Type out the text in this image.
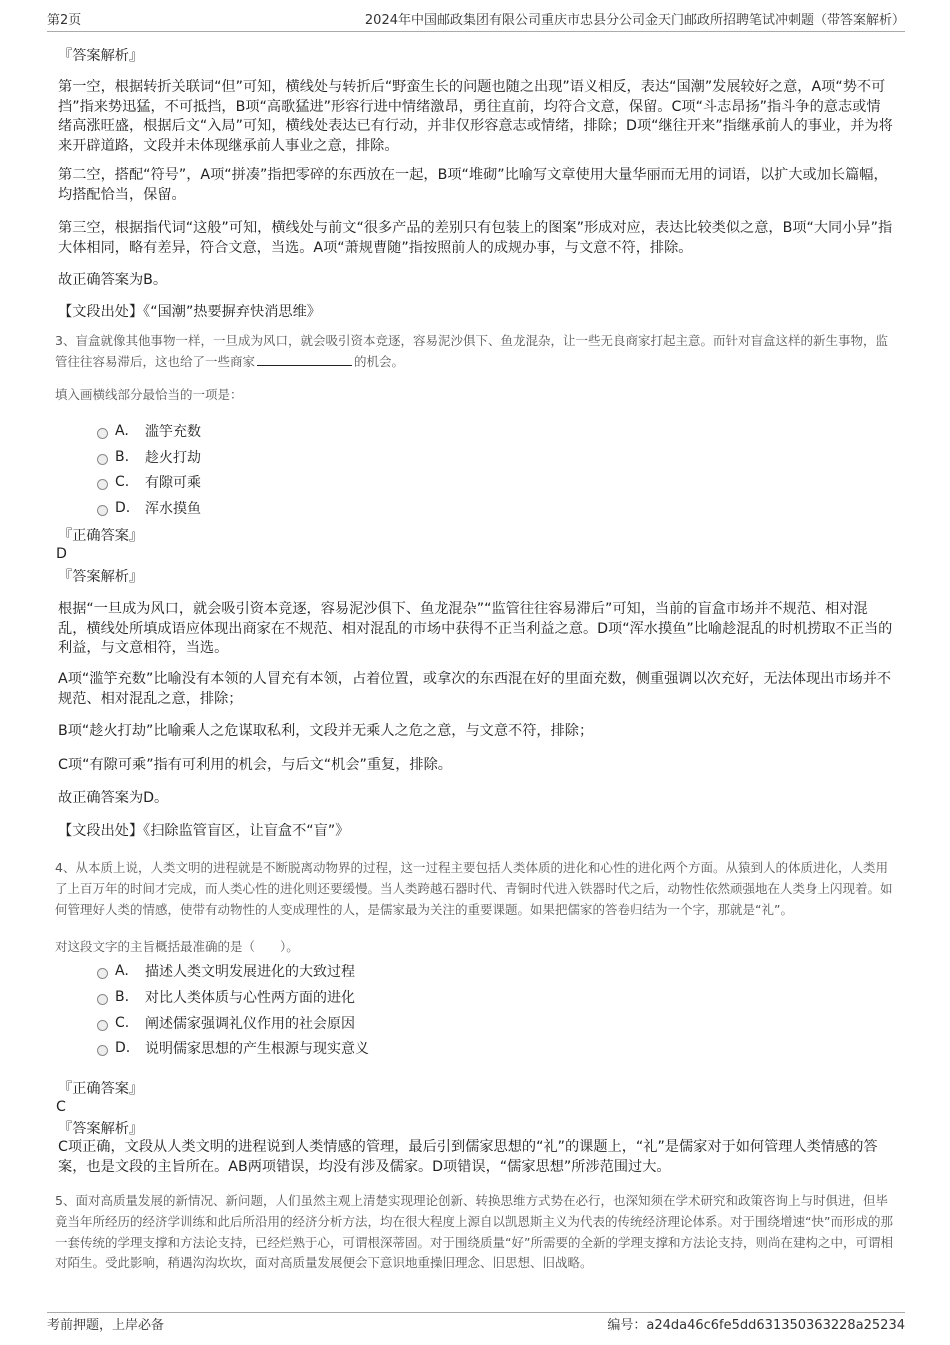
第2页	2024年中国邮政集团有限公司重庆市忠县分公司金天门邮政所招聘笔试冲刺题（带答案解析）
『答案解析』
第一空，根据转折关联词“但”可知，横线处与转折后“野蛮生长的问题也随之出现”语义相反，表达“国潮”发展较好之意，A项“势不可挡”指来势迅猛，不可抵挡，B项“高歌猛进”形容行进中情绪激昂，勇往直前，均符合文意，保留。C项“斗志昂扬”指斗争的意志或情绪高涨旺盛，根据后文“入局”可知，横线处表达已有行动，并非仅形容意志或情绪，排除；D项“继往开来”指继承前人的事业，并为将来开辟道路，文段并未体现继承前人事业之意，排除。
第二空，搭配“符号”，A项“拼凑”指把零碎的东西放在一起，B项“堆砌”比喻写文章使用大量华丽而无用的词语，以扩大或加长篇幅，均搭配恰当，保留。
第三空，根据指代词“这般”可知，横线处与前文“很多产品的差别只有包装上的图案”形成对应，表达比较类似之意，B项“大同小异”指大体相同，略有差异，符合文意，当选。A项“萧规曹随”指按照前人的成规办事，与文意不符，排除。
故正确答案为B。
【文段出处】《“国潮”热要摒弃快消思维》
3、盲盒就像其他事物一样，一旦成为风口，就会吸引资本竞逐，容易泥沙俱下、鱼龙混杂，让一些无良商家打起主意。而针对盲盒这样的新生事物，监管往往容易滞后，这也给了一些商家	的机会。
填入画横线部分最恰当的一项是：
A.	滥竽充数
B.	趁火打劫
C.	有隙可乘
D.	浑水摸鱼
『正确答案』
D
『答案解析』
根据“一旦成为风口，就会吸引资本竞逐，容易泥沙俱下、鱼龙混杂”“监管往往容易滞后”可知，当前的盲盒市场并不规范、相对混乱，横线处所填成语应体现出商家在不规范、相对混乱的市场中获得不正当利益之意。D项“浑水摸鱼”比喻趁混乱的时机捞取不正当的利益，与文意相符，当选。
A项“滥竽充数”比喻没有本领的人冒充有本领，占着位置，或拿次的东西混在好的里面充数，侧重强调以次充好，无法体现出市场并不规范、相对混乱之意，排除；
B项“趁火打劫”比喻乘人之危谋取私利，文段并无乘人之危之意，与文意不符，排除；
C项“有隙可乘”指有可利用的机会，与后文“机会”重复，排除。
故正确答案为D。
【文段出处】《扫除监管盲区，让盲盒不“盲”》
4、从本质上说，人类文明的进程就是不断脱离动物界的过程，这一过程主要包括人类体质的进化和心性的进化两个方面。从猿到人的体质进化，人类用了上百万年的时间才完成，而人类心性的进化则还要缓慢。当人类跨越石器时代、青铜时代进入铁器时代之后，动物性依然顽强地在人类身上闪现着。如何管理好人类的情感，使带有动物性的人变成理性的人，是儒家最为关注的重要课题。如果把儒家的答卷归结为一个字，那就是“礼”。
对这段文字的主旨概括最准确的是（　　）。
A.	描述人类文明发展进化的大致过程
B.	对比人类体质与心性两方面的进化
C.	阐述儒家强调礼仪作用的社会原因
D.	说明儒家思想的产生根源与现实意义
『正确答案』
C
『答案解析』
C项正确，文段从人类文明的进程说到人类情感的管理，最后引到儒家思想的“礼”的课题上，“礼”是儒家对于如何管理人类情感的答案，也是文段的主旨所在。AB两项错误，均没有涉及儒家。D项错误，“儒家思想”所涉范围过大。
5、面对高质量发展的新情况、新问题，人们虽然主观上清楚实现理论创新、转换思维方式势在必行，也深知须在学术研究和政策咨询上与时俱进，但毕竟当年所经历的经济学训练和此后所沿用的经济分析方法，均在很大程度上源自以凯恩斯主义为代表的传统经济理论体系。对于围绕增速“快”而形成的那一套传统的学理支撑和方法论支持，已经烂熟于心，可谓根深蒂固。对于围绕质量“好”所需要的全新的学理支撑和方法论支持，则尚在建构之中，可谓相对陌生。受此影响，稍遇沟沟坎坎，面对高质量发展便会下意识地重操旧理念、旧思想、旧战略。
考前押题，上岸必备	编号：a24da46c6fe5dd631350363228a25234
